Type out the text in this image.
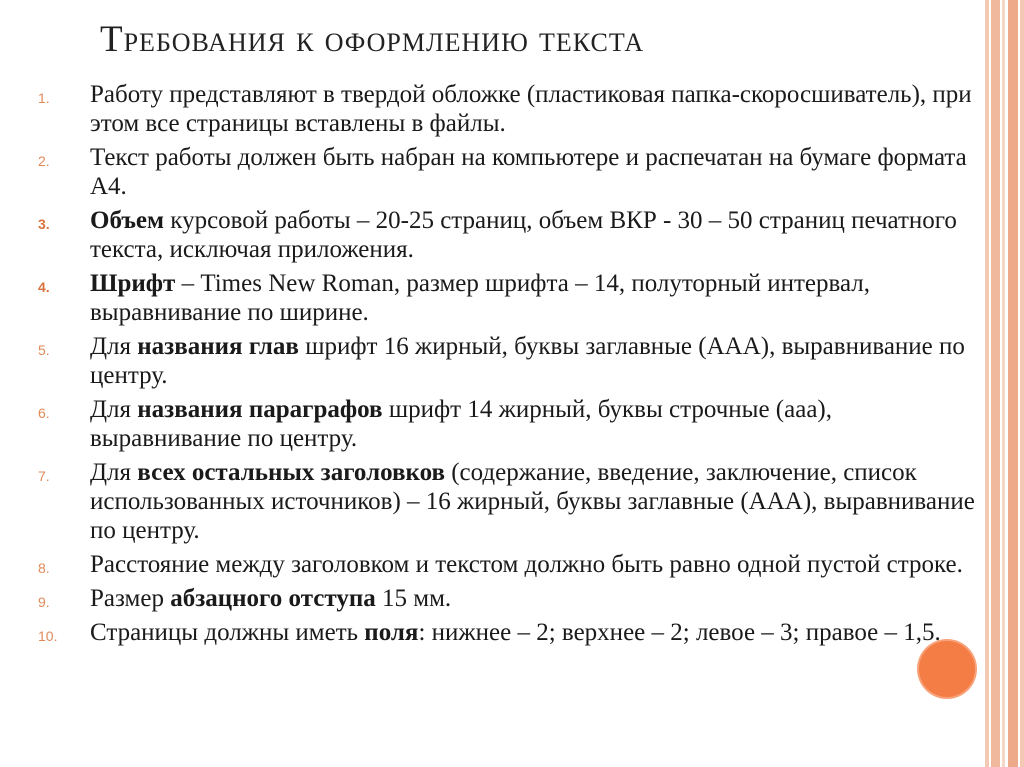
Требования к оформлению текста
1. Работу представляют в твердой обложке (пластиковая папка-скоросшиватель), при этом все страницы вставлены в файлы.
2. Текст работы должен быть набран на компьютере и распечатан на бумаге формата А4.
3. Объем курсовой работы – 20-25 страниц, объем ВКР - 30 – 50 страниц печатного текста, исключая приложения.
4. Шрифт – Times New Roman, размер шрифта – 14, полуторный интервал, выравнивание по ширине.
5. Для названия глав шрифт 16 жирный, буквы заглавные (ААА), выравнивание по центру.
6. Для названия параграфов шрифт 14 жирный, буквы строчные (ааа), выравнивание по центру.
7. Для всех остальных заголовков (содержание, введение, заключение, список использованных источников) – 16 жирный, буквы заглавные (ААА), выравнивание по центру.
8. Расстояние между заголовком и текстом должно быть равно одной пустой строке.
9. Размер абзацного отступа 15 мм.
10. Страницы должны иметь поля: нижнее – 2; верхнее – 2; левое – 3; правое – 1,5.
